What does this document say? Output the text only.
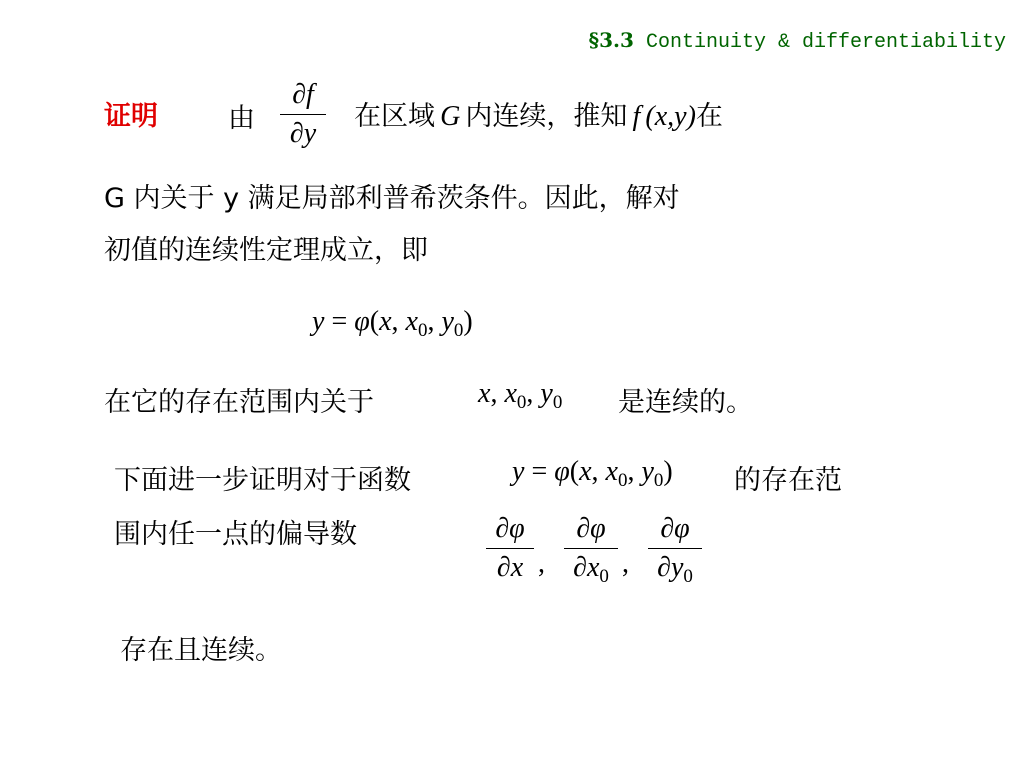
§3.3 Continuity & differentiability
证明	由
∂f
∂y
在区域 G 内连续，推知 f (x,y)在
G 内关于 y 满足局部利普希茨条件。因此，解对
初值的连续性定理成立，即
y = φ(x, $x_0$, $y_0$)
在它的存在范围内关于	x, $x_0$, $y_0$ 是连续的。
下面进一步证明对于函数	y = φ(x, $x_0$, $y_0$) 的存在范
围内任一点的偏导数	∂φ
∂x ,
∂φ
$\partial x_0$ ,
∂φ
$\partial y_0$
存在且连续。
